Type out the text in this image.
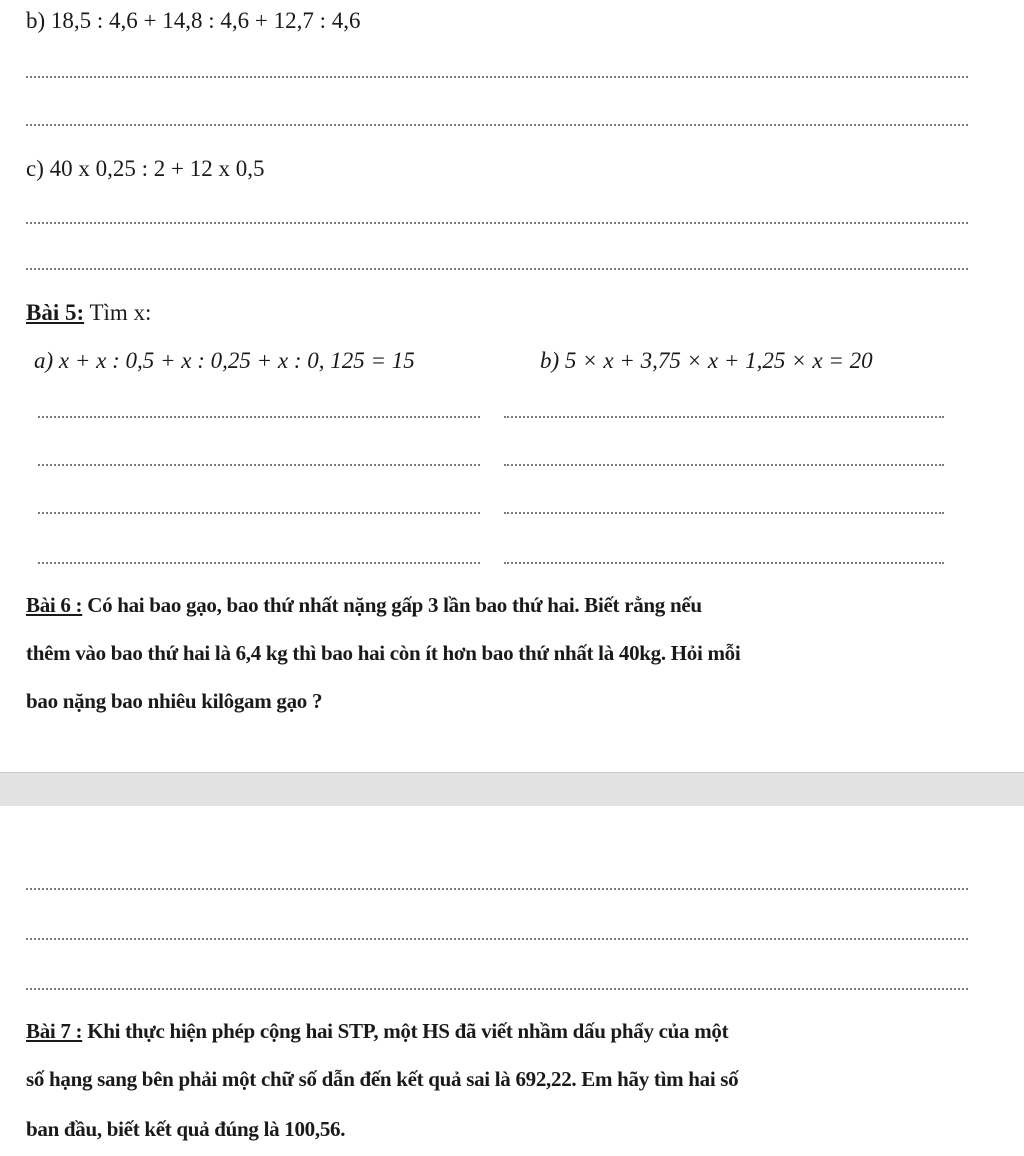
b) 18,5 : 4,6 + 14,8 : 4,6 + 12,7 : 4,6
c) 40 x 0,25 : 2 + 12 x 0,5
Bài 5: Tìm x:
a) x + x : 0,5 + x : 0,25 + x : 0, 125 = 15	b) 5 × x + 3,75 × x + 1,25 × x = 20
Bài 6 : Có hai bao gạo, bao thứ nhất nặng gấp 3 lần bao thứ hai. Biết rằng nếu
thêm vào bao thứ hai là 6,4 kg thì bao hai còn ít hơn bao thứ nhất là 40kg. Hỏi mỗi
bao nặng bao nhiêu kilôgam gạo ?
Bài 7 : Khi thực hiện phép cộng hai STP, một HS đã viết nhầm dấu phẩy của một
số hạng sang bên phải một chữ số dẫn đến kết quả sai là 692,22. Em hãy tìm hai số
ban đầu, biết kết quả đúng là 100,56.
